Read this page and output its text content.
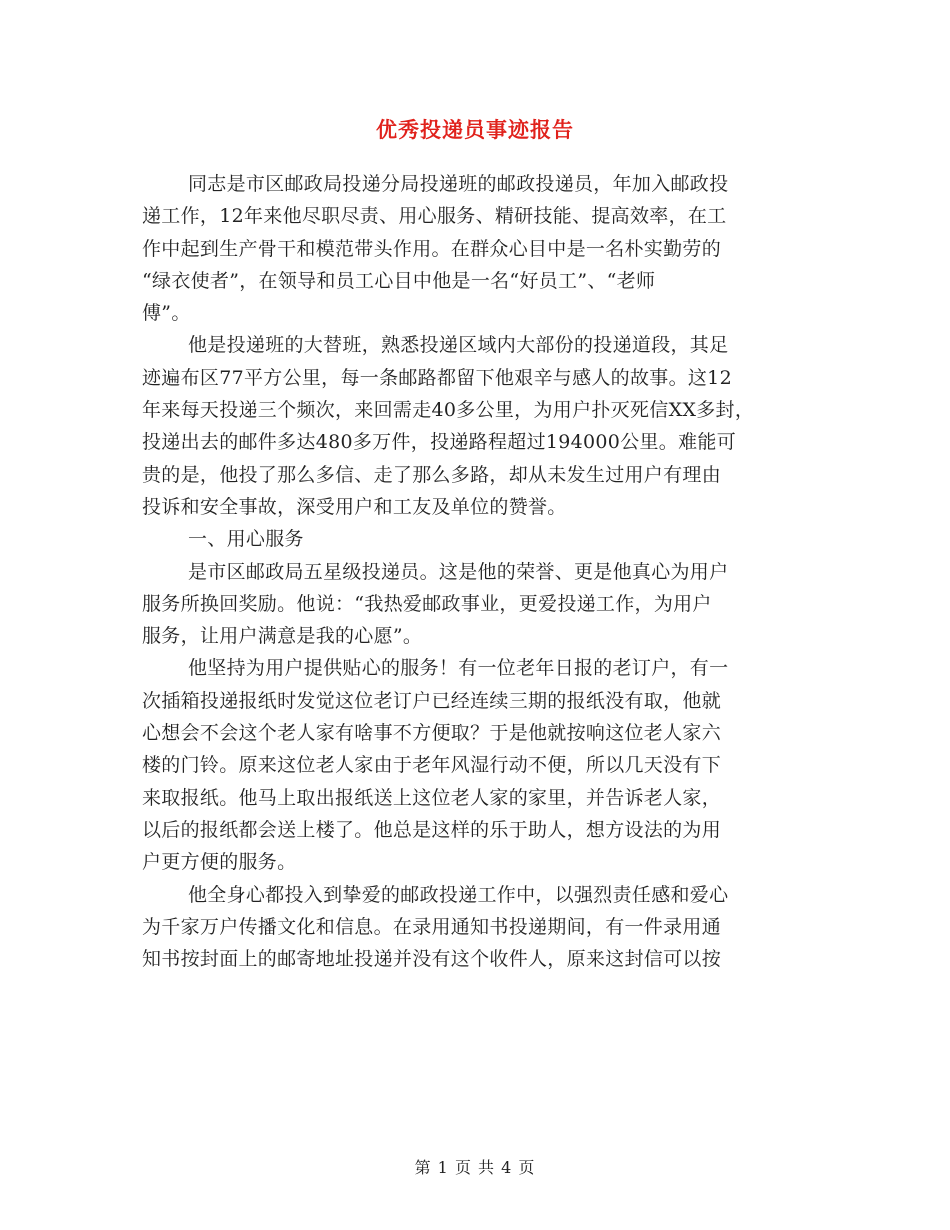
优秀投递员事迹报告

同志是市区邮政局投递分局投递班的邮政投递员，年加入邮政投
递工作，12年来他尽职尽责、用心服务、精研技能、提高效率，在工
作中起到生产骨干和模范带头作用。在群众心目中是一名朴实勤劳的
“绿衣使者”，在领导和员工心目中他是一名“好员工”、“老师
傅”。

他是投递班的大替班，熟悉投递区域内大部份的投递道段，其足
迹遍布区77平方公里，每一条邮路都留下他艰辛与感人的故事。这12
年来每天投递三个频次，来回需走40多公里，为用户扑灭死信XX多封，
投递出去的邮件多达480多万件，投递路程超过194000公里。难能可
贵的是，他投了那么多信、走了那么多路，却从未发生过用户有理由
投诉和安全事故，深受用户和工友及单位的赞誉。

一、用心服务

是市区邮政局五星级投递员。这是他的荣誉、更是他真心为用户
服务所换回奖励。他说：“我热爱邮政事业，更爱投递工作，为用户
服务，让用户满意是我的心愿”。

他坚持为用户提供贴心的服务！有一位老年日报的老订户，有一
次插箱投递报纸时发觉这位老订户已经连续三期的报纸没有取，他就
心想会不会这个老人家有啥事不方便取？于是他就按响这位老人家六
楼的门铃。原来这位老人家由于老年风湿行动不便，所以几天没有下
来取报纸。他马上取出报纸送上这位老人家的家里，并告诉老人家，
以后的报纸都会送上楼了。他总是这样的乐于助人，想方设法的为用
户更方便的服务。

他全身心都投入到挚爱的邮政投递工作中，以强烈责任感和爱心
为千家万户传播文化和信息。在录用通知书投递期间，有一件录用通
知书按封面上的邮寄地址投递并没有这个收件人，原来这封信可以按

第 1 页 共 4 页
